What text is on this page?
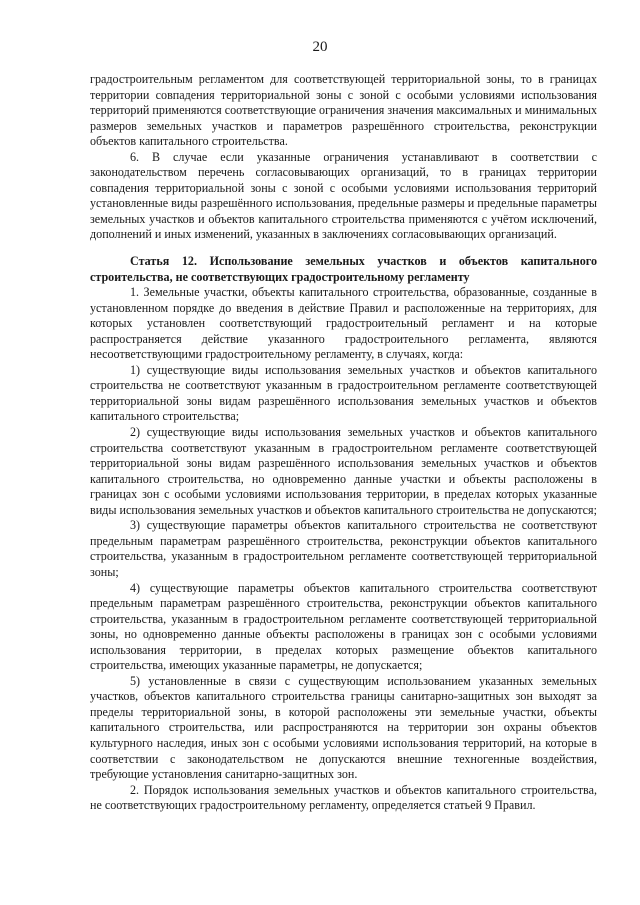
20

градостроительным регламентом для соответствующей территориальной зоны, то в границах территории совпадения территориальной зоны с зоной с особыми условиями использования территорий применяются соответствующие ограничения значения максимальных и минимальных размеров земельных участков и параметров разрешённого строительства, реконструкции объектов капитального строительства.

6. В случае если указанные ограничения устанавливают в соответствии с законодательством перечень согласовывающих организаций, то в границах территории совпадения территориальной зоны с зоной с особыми условиями использования территорий установленные виды разрешённого использования, предельные размеры и предельные параметры земельных участков и объектов капитального строительства применяются с учётом исключений, дополнений и иных изменений, указанных в заключениях согласовывающих организаций.

Статья 12. Использование земельных участков и объектов капитального строительства, не соответствующих градостроительному регламенту

1. Земельные участки, объекты капитального строительства, образованные, созданные в установленном порядке до введения в действие Правил и расположенные на территориях, для которых установлен соответствующий градостроительный регламент и на которые распространяется действие указанного градостроительного регламента, являются несоответствующими градостроительному регламенту, в случаях, когда:

1) существующие виды использования земельных участков и объектов капитального строительства не соответствуют указанным в градостроительном регламенте соответствующей территориальной зоны видам разрешённого использования земельных участков и объектов капитального строительства;

2) существующие виды использования земельных участков и объектов капитального строительства соответствуют указанным в градостроительном регламенте соответствующей территориальной зоны видам разрешённого использования земельных участков и объектов капитального строительства, но одновременно данные участки и объекты расположены в границах зон с особыми условиями использования территории, в пределах которых указанные виды использования земельных участков и объектов капитального строительства не допускаются;

3) существующие параметры объектов капитального строительства не соответствуют предельным параметрам разрешённого строительства, реконструкции объектов капитального строительства, указанным в градостроительном регламенте соответствующей территориальной зоны;

4) существующие параметры объектов капитального строительства соответствуют предельным параметрам разрешённого строительства, реконструкции объектов капитального строительства, указанным в градостроительном регламенте соответствующей территориальной зоны, но одновременно данные объекты расположены в границах зон с особыми условиями использования территории, в пределах которых размещение объектов капитального строительства, имеющих указанные параметры, не допускается;

5) установленные в связи с существующим использованием указанных земельных участков, объектов капитального строительства границы санитарно-защитных зон выходят за пределы территориальной зоны, в которой расположены эти земельные участки, объекты капитального строительства, или распространяются на территории зон охраны объектов культурного наследия, иных зон с особыми условиями использования территорий, на которые в соответствии с законодательством не допускаются внешние техногенные воздействия, требующие установления санитарно-защитных зон.

2. Порядок использования земельных участков и объектов капитального строительства, не соответствующих градостроительному регламенту, определяется статьей 9 Правил.
